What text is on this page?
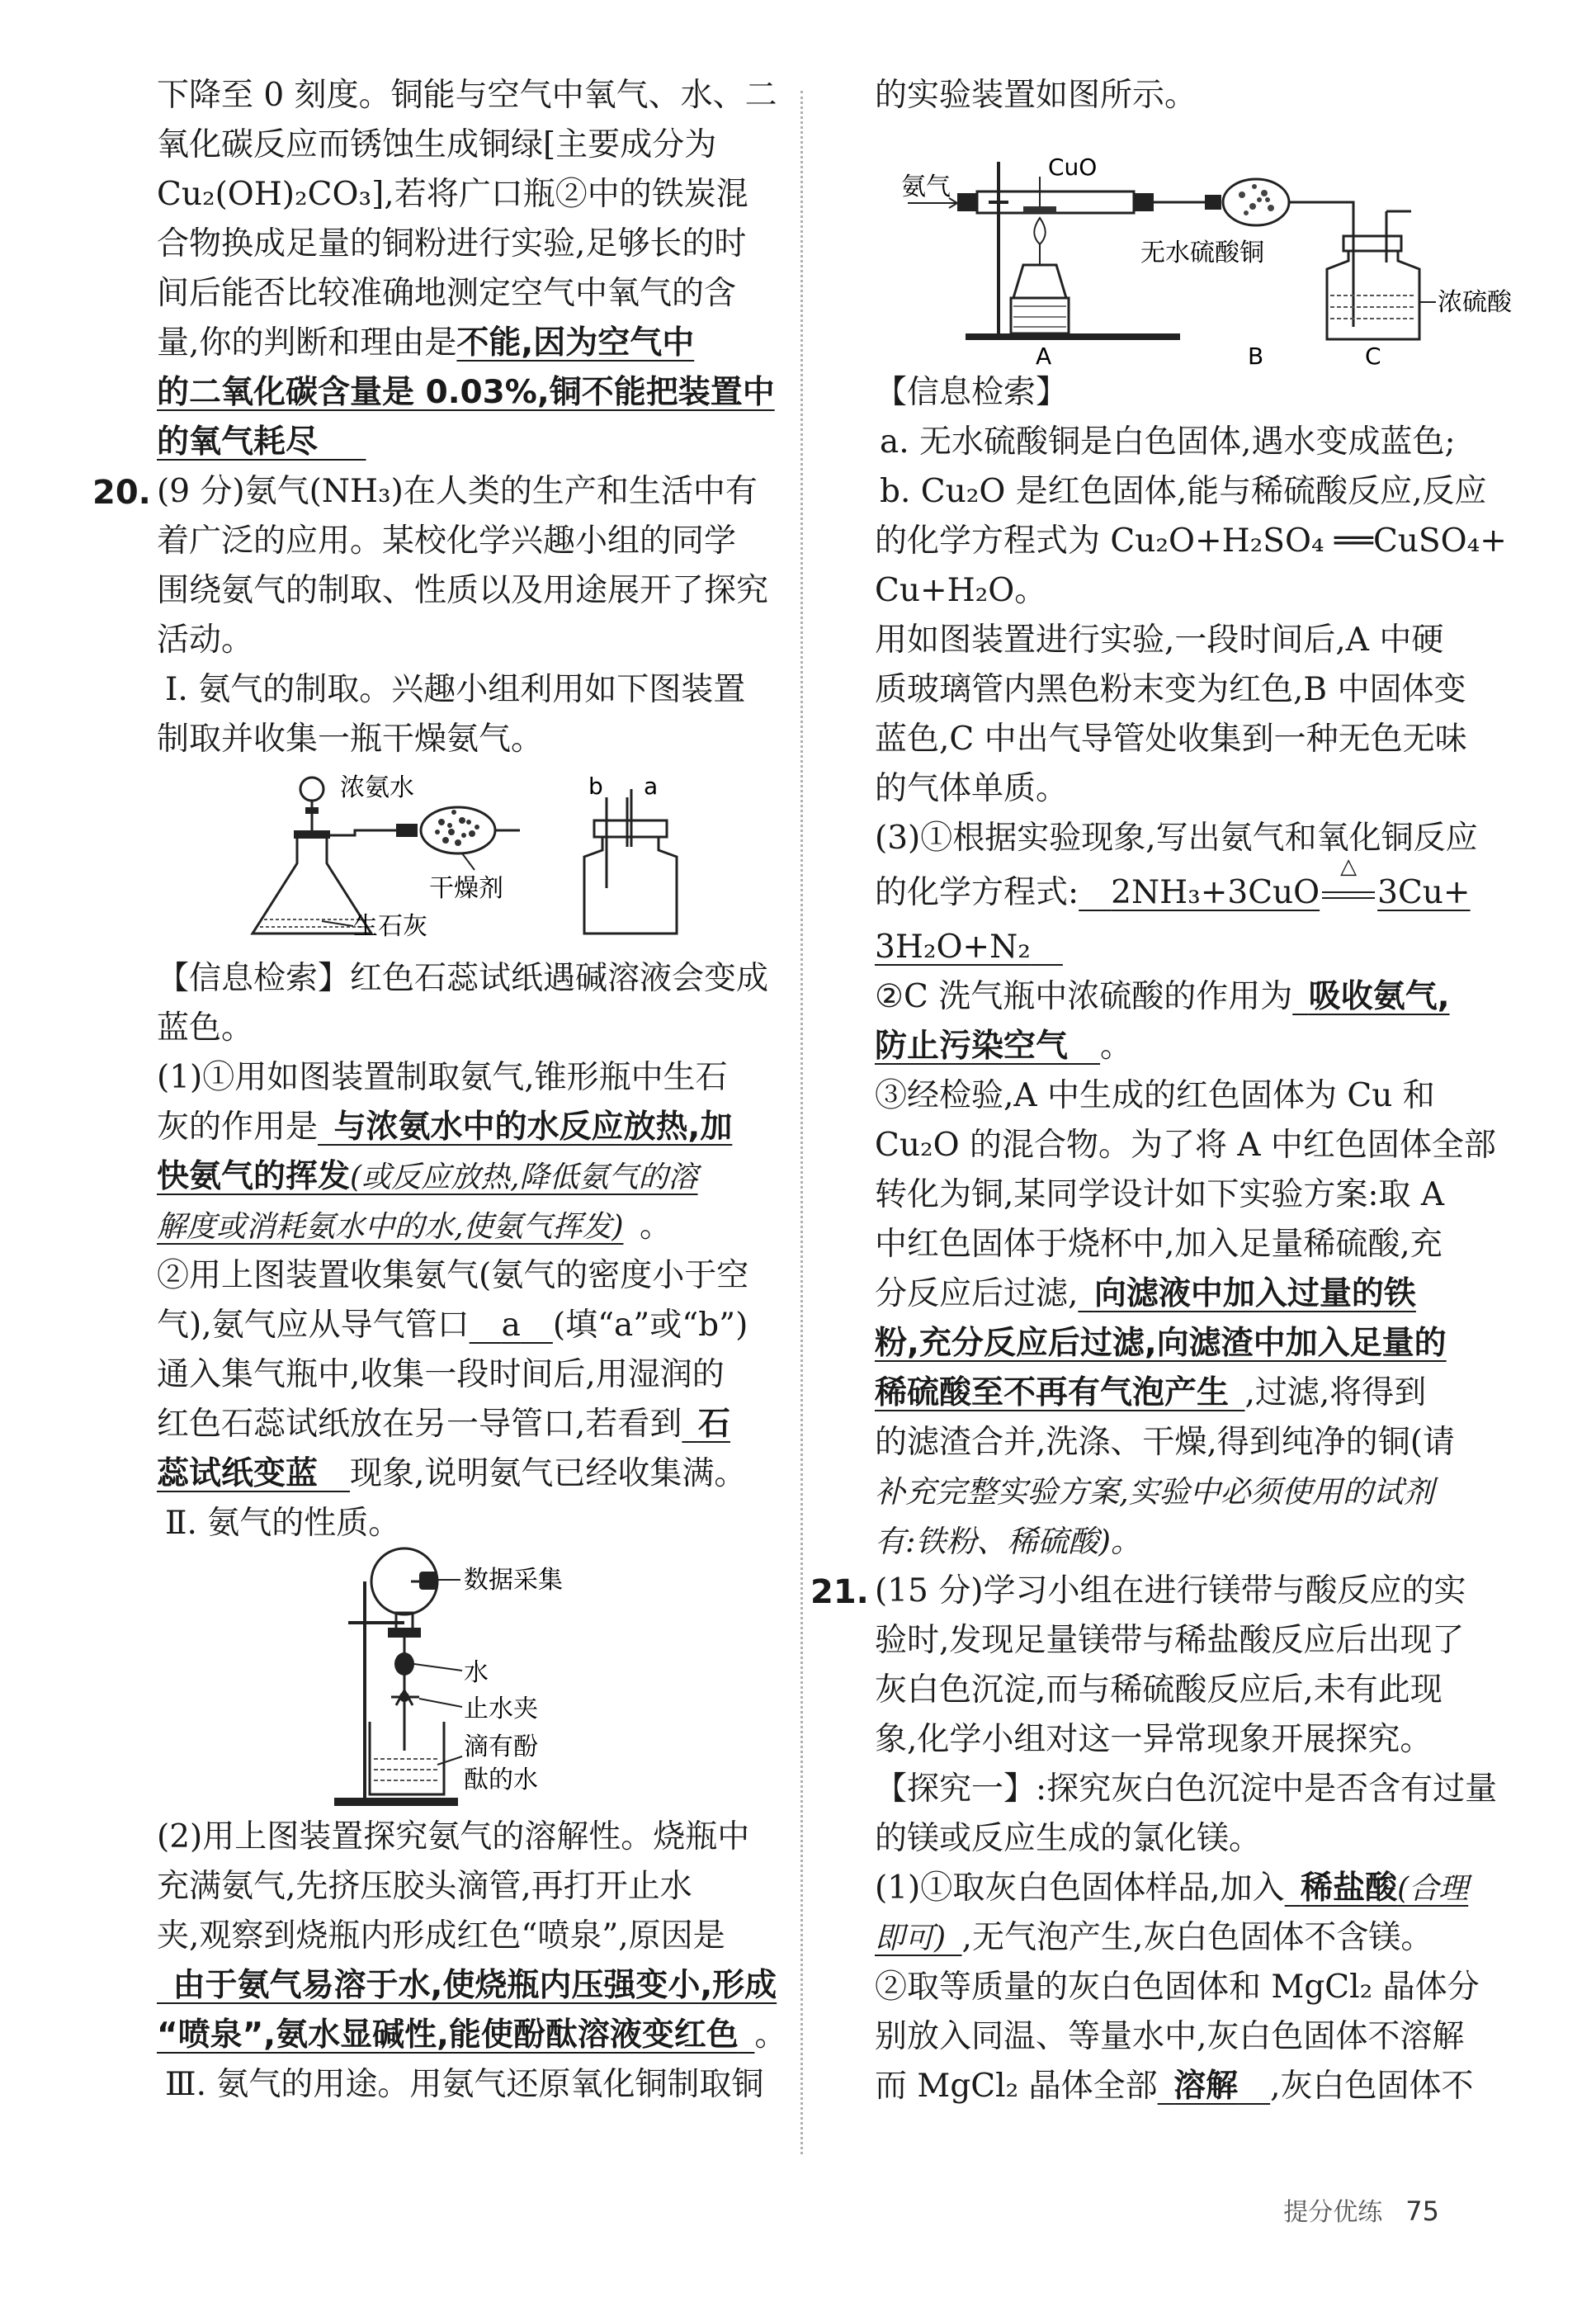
下降至 0 刻度。铜能与空气中氧气、水、二

氧化碳反应而锈蚀生成铜绿[主要成分为

Cu₂(OH)₂CO₃],若将广口瓶②中的铁炭混

合物换成足量的铜粉进行实验,足够长的时

间后能否比较准确地测定空气中氧气的含

量,你的判断和理由是不能,因为空气中

的二氧化碳含量是 0.03%,铜不能把装置中

的氧气耗尽  

20. (9 分)氨气(NH₃)在人类的生产和生活中有

着广泛的应用。某校化学兴趣小组的同学

围绕氨气的制取、性质以及用途展开了探究

活动。

Ⅰ. 氨气的制取。兴趣小组利用如下图装置

制取并收集一瓶干燥氨气。

浓氨水
干燥剂
生石灰
b a

【信息检索】红色石蕊试纸遇碱溶液会变成

蓝色。

(1)①用如图装置制取氨气,锥形瓶中生石

灰的作用是  与浓氨水中的水反应放热,加

快氨气的挥发(或反应放热,降低氨气的溶

解度或消耗氨水中的水,使氨气挥发)  。

②用上图装置收集氨气(氨气的密度小于空

气),氨气应从导气管口  a  (填“a”或“b”)

通入集气瓶中,收集一段时间后,用湿润的

红色石蕊试纸放在另一导管口,若看到  石

蕊试纸变蓝  现象,说明氨气已经收集满。

Ⅱ. 氨气的性质。

数据采集
水
止水夹
滴有酚
酞的水

(2)用上图装置探究氨气的溶解性。烧瓶中

充满氨气,先挤压胶头滴管,再打开止水

夹,观察到烧瓶内形成红色“喷泉”,原因是

 由于氨气易溶于水,使烧瓶内压强变小,形成

“喷泉”,氨水显碱性,能使酚酞溶液变红色  。

Ⅲ. 氨气的用途。用氨气还原氧化铜制取铜

的实验装置如图所示。

氨气
CuO
A
无水硫酸铜
B
浓硫酸
C

【信息检索】

a. 无水硫酸铜是白色固体,遇水变成蓝色;

b. Cu₂O 是红色固体,能与稀硫酸反应,反应

的化学方程式为 Cu₂O+H₂SO₄ ══CuSO₄+

Cu+H₂O。

用如图装置进行实验,一段时间后,A 中硬

质玻璃管内黑色粉末变为红色,B 中固体变

蓝色,C 中出气导管处收集到一种无色无味

的气体单质。

(3)①根据实验现象,写出氨气和氧化铜反应

的化学方程式:  2NH₃+3CuO
△
3Cu+

3H₂O+N₂ 

②C 洗气瓶中浓硫酸的作用为  吸收氨气,

防止污染空气  。

③经检验,A 中生成的红色固体为 Cu 和

Cu₂O 的混合物。为了将 A 中红色固体全部

转化为铜,某同学设计如下实验方案:取 A

中红色固体于烧杯中,加入足量稀硫酸,充

分反应后过滤,  向滤液中加入过量的铁

粉,充分反应后过滤,向滤渣中加入足量的

稀硫酸至不再有气泡产生  ,过滤,将得到

的滤渣合并,洗涤、干燥,得到纯净的铜(请

补充完整实验方案,实验中必须使用的试剂

有:铁粉、稀硫酸)。

21. (15 分)学习小组在进行镁带与酸反应的实

验时,发现足量镁带与稀盐酸反应后出现了

灰白色沉淀,而与稀硫酸反应后,未有此现

象,化学小组对这一异常现象开展探究。

【探究一】:探究灰白色沉淀中是否含有过量

的镁或反应生成的氯化镁。

(1)①取灰白色固体样品,加入  稀盐酸(合理

即可)  ,无气泡产生,灰白色固体不含镁。

②取等质量的灰白色固体和 MgCl₂ 晶体分

别放入同温、等量水中,灰白色固体不溶解

而 MgCl₂ 晶体全部  溶解  ,灰白色固体不

提分优练 75
